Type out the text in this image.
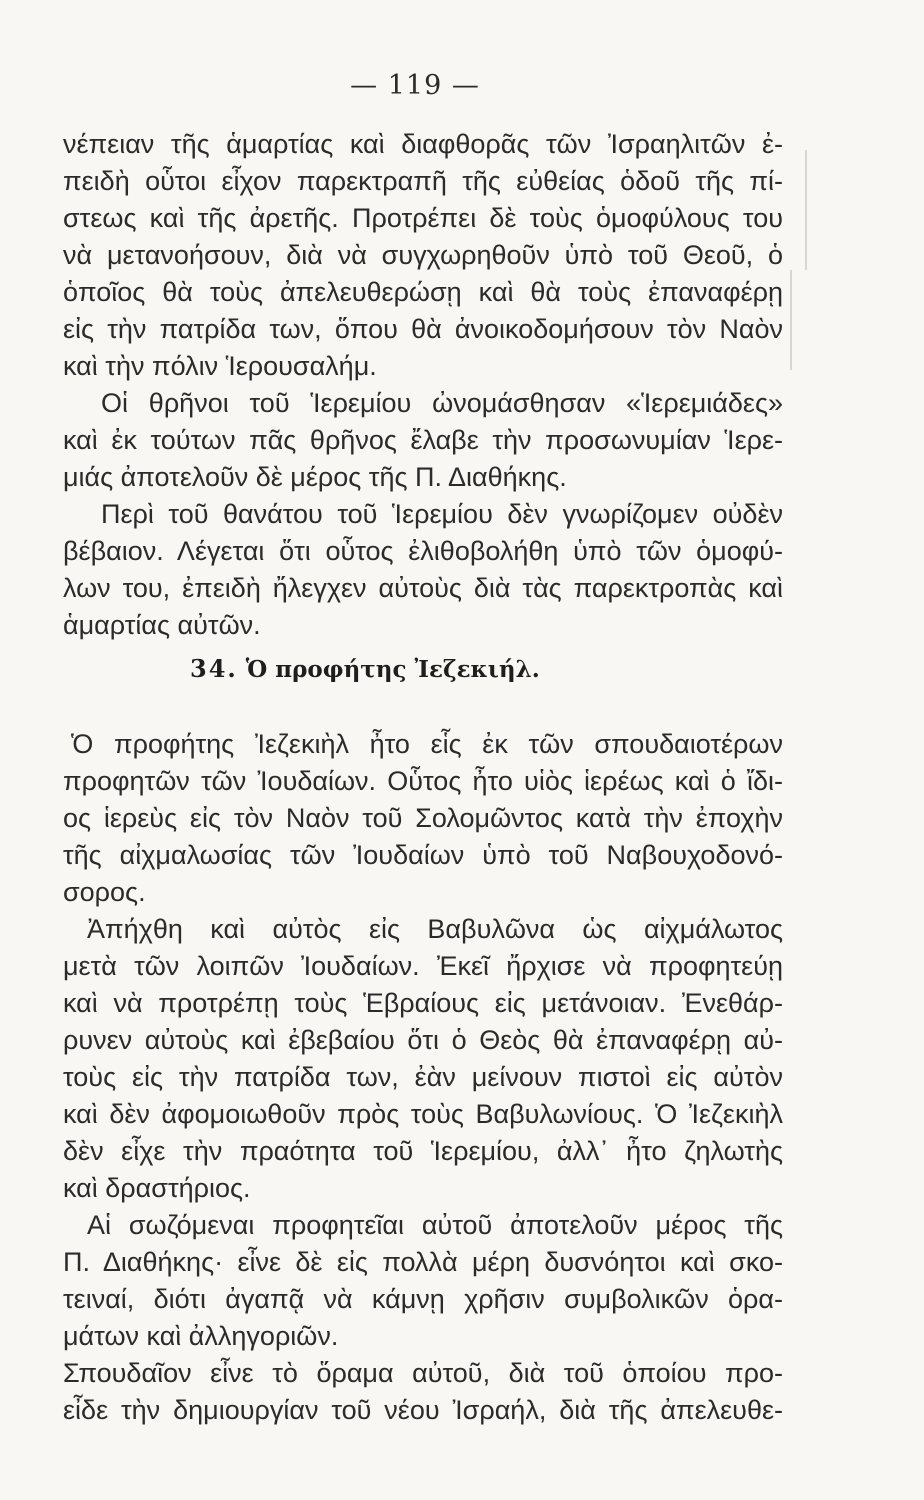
— 119 —
νέπειαν τῆς ἁμαρτίας καὶ διαφθορᾶς τῶν Ἰσραηλιτῶν ἐ-
πειδὴ οὗτοι εἶχον παρεκτραπῆ τῆς εὐθείας ὁδοῦ τῆς πί-
στεως καὶ τῆς ἀρετῆς. Προτρέπει δὲ τοὺς ὁμοφύλους του
νὰ μετανοήσουν, διὰ νὰ συγχωρηθοῦν ὑπὸ τοῦ Θεοῦ, ὁ
ὁποῖος θὰ τοὺς ἀπελευθερώσῃ καὶ θὰ τοὺς ἐπαναφέρῃ
εἰς τὴν πατρίδα των, ὅπου θὰ ἀνοικοδομήσουν τὸν Ναὸν
καὶ τὴν πόλιν Ἱερουσαλήμ.
Οἱ θρῆνοι τοῦ Ἱερεμίου ὠνομάσθησαν «Ἱερεμιάδες»
καὶ ἐκ τούτων πᾶς θρῆνος ἔλαβε τὴν προσωνυμίαν Ἱερε-
μιάς ἀποτελοῦν δὲ μέρος τῆς Π. Διαθήκης.
Περὶ τοῦ θανάτου τοῦ Ἱερεμίου δὲν γνωρίζομεν οὐδὲν
βέβαιον. Λέγεται ὅτι οὗτος ἐλιθοβολήθη ὑπὸ τῶν ὁμοφύ-
λων του, ἐπειδὴ ἤλεγχεν αὐτοὺς διὰ τὰς παρεκτροπὰς καὶ
ἁμαρτίας αὐτῶν.
34. Ὁ προφήτης Ἰεζεκιήλ.
Ὁ προφήτης Ἰεζεκιὴλ ἦτο εἷς ἐκ τῶν σπουδαιοτέρων
προφητῶν τῶν Ἰουδαίων. Οὗτος ἦτο υἱὸς ἱερέως καὶ ὁ ἴδι-
ος ἱερεὺς εἰς τὸν Ναὸν τοῦ Σολομῶντος κατὰ τὴν ἐποχὴν
τῆς αἰχμαλωσίας τῶν Ἰουδαίων ὑπὸ τοῦ Ναβουχοδονό-
σορος.
Ἀπήχθη καὶ αὐτὸς εἰς Βαβυλῶνα ὡς αἰχμάλωτος
μετὰ τῶν λοιπῶν Ἰουδαίων. Ἐκεῖ ἤρχισε νὰ προφητεύῃ
καὶ νὰ προτρέπῃ τοὺς Ἑβραίους εἰς μετάνοιαν. Ἐνεθάρ-
ρυνεν αὐτοὺς καὶ ἐβεβαίου ὅτι ὁ Θεὸς θὰ ἐπαναφέρῃ αὐ-
τοὺς εἰς τὴν πατρίδα των, ἐὰν μείνουν πιστοὶ εἰς αὐτὸν
καὶ δὲν ἀφομοιωθοῦν πρὸς τοὺς Βαβυλωνίους. Ὁ Ἰεζεκιὴλ
δὲν εἶχε τὴν πραότητα τοῦ Ἱερεμίου, ἀλλ᾽ ἦτο ζηλωτὴς
καὶ δραστήριος.
Αἱ σωζόμεναι προφητεῖαι αὐτοῦ ἀποτελοῦν μέρος τῆς
Π. Διαθήκης· εἶνε δὲ εἰς πολλὰ μέρη δυσνόητοι καὶ σκο-
τειναί, διότι ἀγαπᾷ νὰ κάμνῃ χρῆσιν συμβολικῶν ὁρα-
μάτων καὶ ἀλληγοριῶν.
Σπουδαῖον εἶνε τὸ ὅραμα αὐτοῦ, διὰ τοῦ ὁποίου προ-
εἶδε τὴν δημιουργίαν τοῦ νέου Ἰσραήλ, διὰ τῆς ἀπελευθε-
